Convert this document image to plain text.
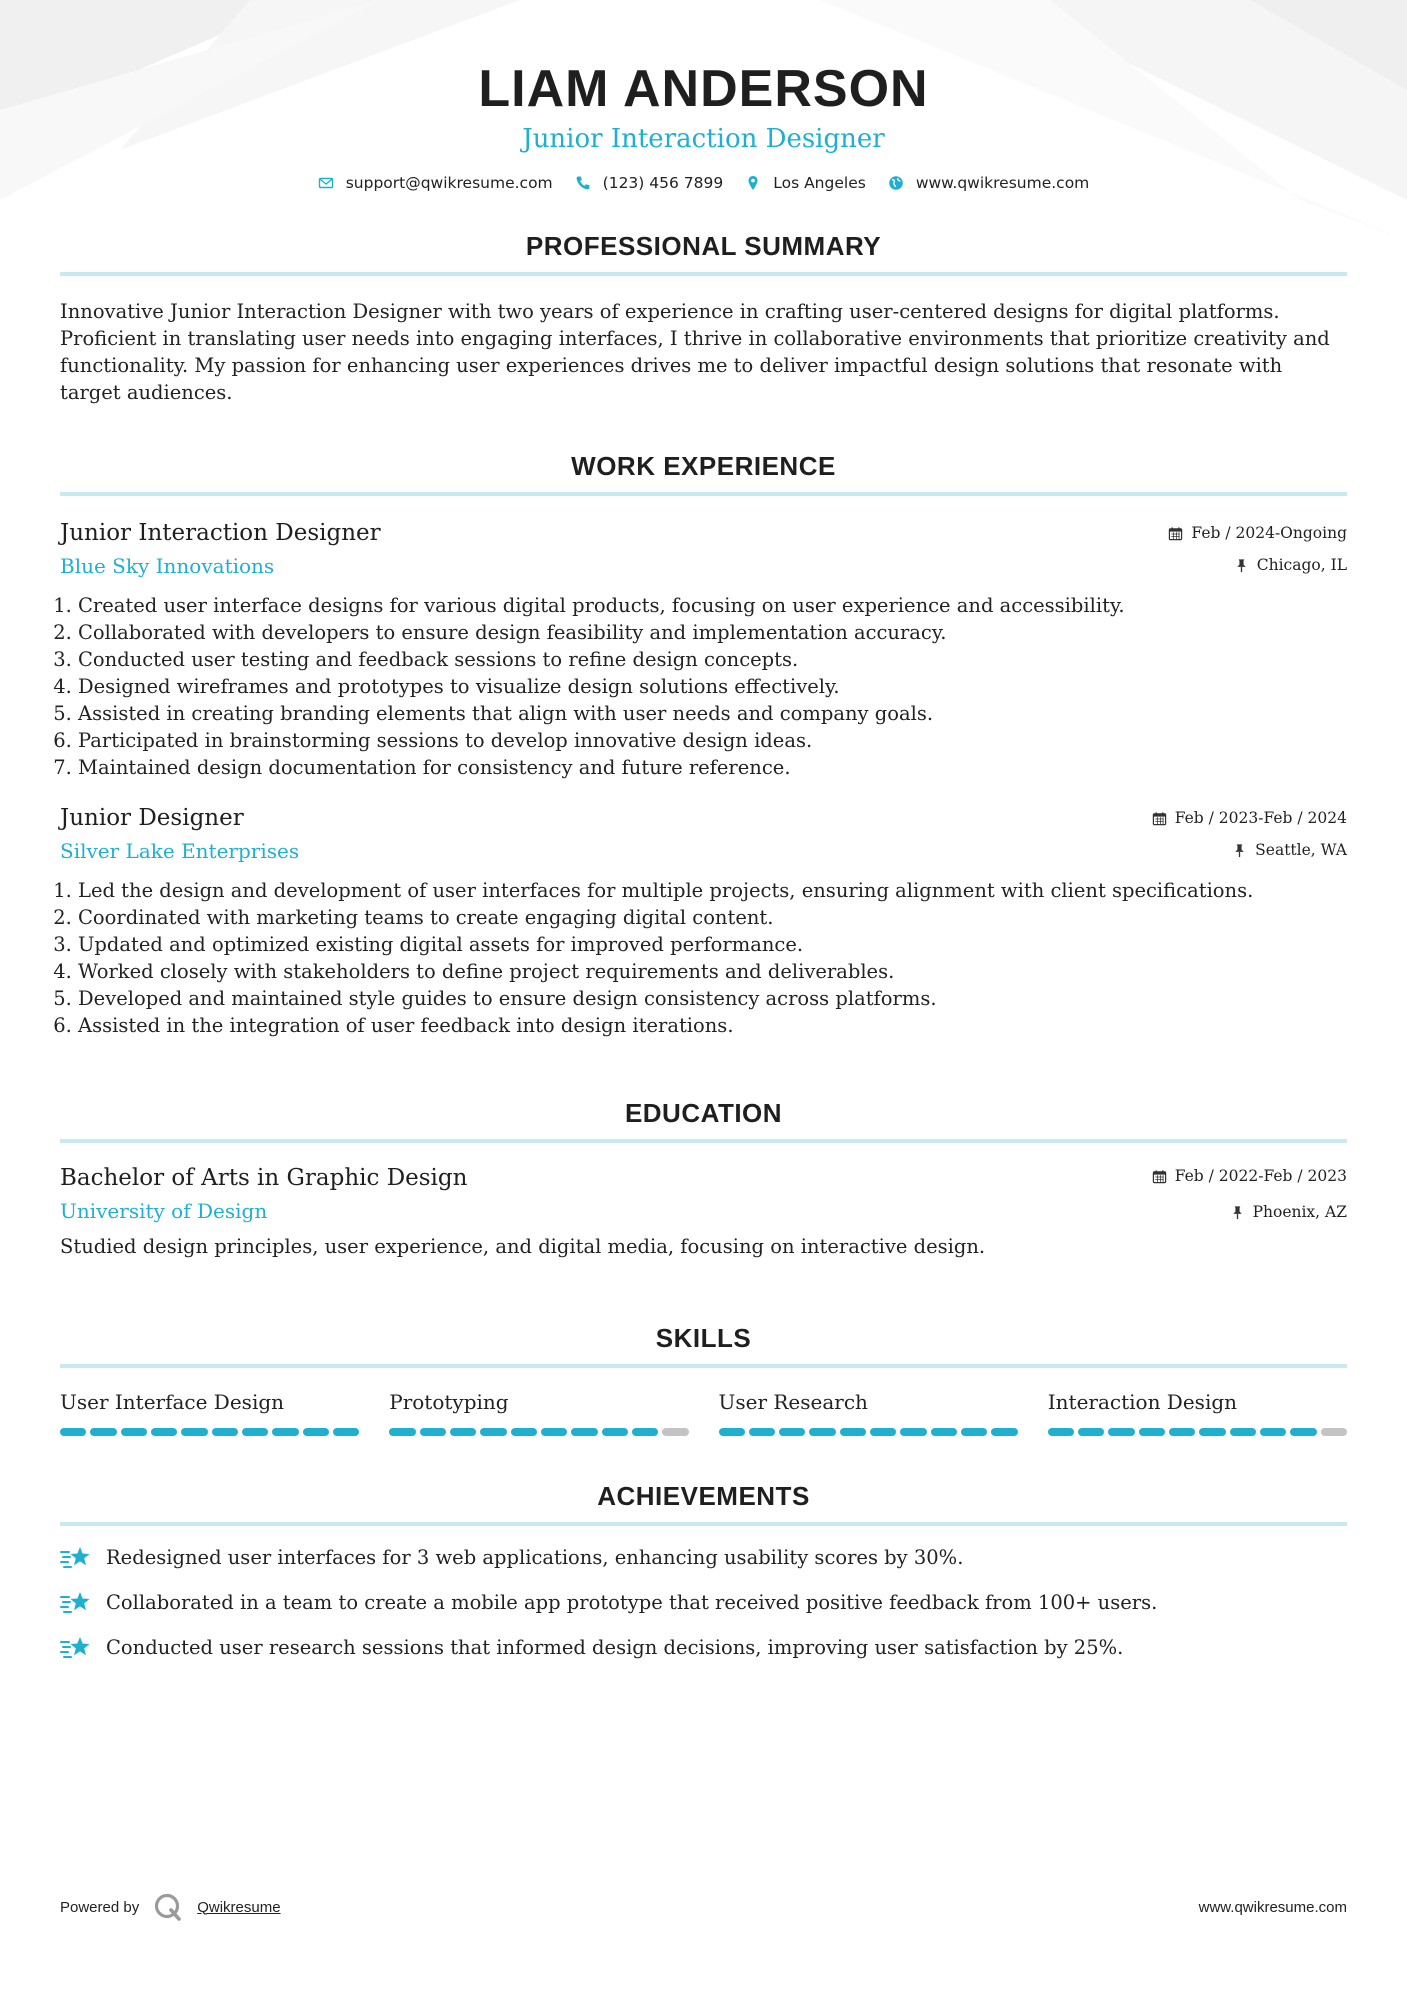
LIAM ANDERSON
Junior Interaction Designer
support@qwikresume.com	(123) 456 7899	Los Angeles	www.qwikresume.com
PROFESSIONAL SUMMARY
Innovative Junior Interaction Designer with two years of experience in crafting user-centered designs for digital platforms. Proficient in translating user needs into engaging interfaces, I thrive in collaborative environments that prioritize creativity and functionality. My passion for enhancing user experiences drives me to deliver impactful design solutions that resonate with target audiences.
WORK EXPERIENCE
Junior Interaction Designer
Blue Sky Innovations
Feb / 2024-Ongoing
Chicago, IL
1. Created user interface designs for various digital products, focusing on user experience and accessibility.
2. Collaborated with developers to ensure design feasibility and implementation accuracy.
3. Conducted user testing and feedback sessions to refine design concepts.
4. Designed wireframes and prototypes to visualize design solutions effectively.
5. Assisted in creating branding elements that align with user needs and company goals.
6. Participated in brainstorming sessions to develop innovative design ideas.
7. Maintained design documentation for consistency and future reference.
Junior Designer
Silver Lake Enterprises
Feb / 2023-Feb / 2024
Seattle, WA
1. Led the design and development of user interfaces for multiple projects, ensuring alignment with client specifications.
2. Coordinated with marketing teams to create engaging digital content.
3. Updated and optimized existing digital assets for improved performance.
4. Worked closely with stakeholders to define project requirements and deliverables.
5. Developed and maintained style guides to ensure design consistency across platforms.
6. Assisted in the integration of user feedback into design iterations.
EDUCATION
Bachelor of Arts in Graphic Design
University of Design
Feb / 2022-Feb / 2023
Phoenix, AZ
Studied design principles, user experience, and digital media, focusing on interactive design.
SKILLS
User Interface Design	Prototyping	User Research	Interaction Design
ACHIEVEMENTS
Redesigned user interfaces for 3 web applications, enhancing usability scores by 30%.
Collaborated in a team to create a mobile app prototype that received positive feedback from 100+ users.
Conducted user research sessions that informed design decisions, improving user satisfaction by 25%.
Powered by	Qwikresume	www.qwikresume.com
